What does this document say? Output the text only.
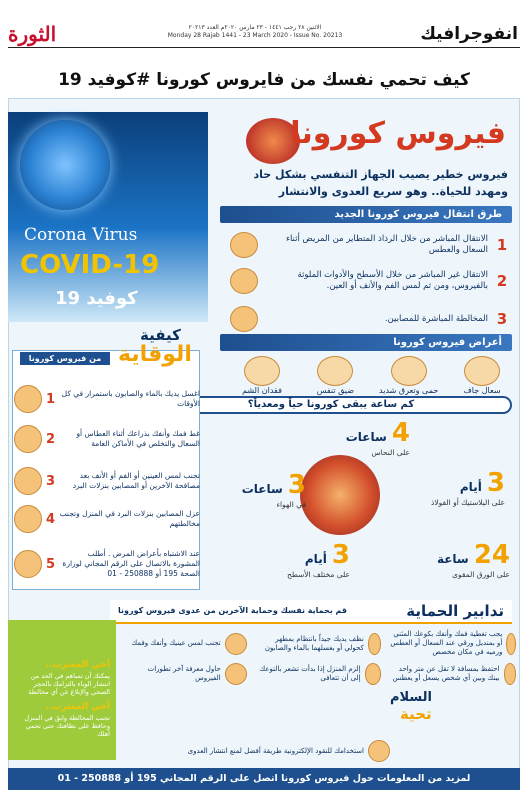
الثورة	الاثنين ٢٨ رجب ١٤٤١ - ٢٣ مارس ٢٠٢٠م العدد ٢٠٢١٣
Monday 28 Rajab 1441 - 23 March 2020 - Issue No. 20213	انفوجرافيك
كيف تحمي نفسك من فايروس كورونا #كوفيد 19
Corona Virus
COVID-19
كوفيد 19
فيروس كورونا
فيروس خطير يصيب الجهاز التنفسي بشكل حاد ومهدد للحياة.. وهو سريع العدوى والانتشار
طرق انتقال فيروس كورونا الجديد
1
الانتقال المباشر من خلال الرذاذ المتطاير من المريض أثناء السعال والعطس
2
الانتقال غير المباشر من خلال الأسطح والأدوات الملوثة بالفيروس، ومن ثم لمس الفم والأنف أو العين.
3
المخالطة المباشرة للمصابين.
أعراض فيروس كورونا
سعال جاف
حمى وتعرق شديد
ضيق تنفس
فقدان الشم
كم ساعة يبقى كورونا حياً ومعدياً؟
4 ساعات
على النحاس
3 ساعات
في الهواء
3 أيام
على البلاستيك أو الفولاذ
3 أيام
على مختلف الأسطح
24 ساعة
على الورق المقوى
كيفية
الوقاية
من فيروس كورونا
اغسل يديك بالماء والصابون باستمرار في كل الأوقات
1
غط فمك وأنفك بذراعك أثناء العطاس أو السعال والتخلص في الأماكن العامة
2
تجنب لمس العينين أو الفم أو الأنف بعد مصافحة الآخرين أو المصابين بنزلات البرد
3
عزل المصابين بنزلات البرد في المنزل وتجنب مخالطتهم
4
عند الاشتباه بأعراض المرض . أطلب المشورة بالاتصال على الرقم المجاني لوزارة الصحة 195 أو 250888 - 01
5
تدابير الحماية
قم بحماية نفسك وحماية الآخرين من عدوى فيروس كورونا
أخي المغترب..
يمكنك أن تساهم في الحد من انتشار الوباء بالتزامك بالحجر الصحي والإبلاغ عن أي مخالطة
أخي المغترب..
تجنب المخالطة وابقَ في المنزل وحافظ على نظافتك حتى تحمي أهلك
يجب تغطية فمك وأنفك بكوعك المثني أو بمنديل ورقي عند السعال أو العطس ورميه في مكان مخصص
نظف يديك جيداً بانتظام بمطهر كحولي أو بغسلهما بالماء والصابون
تجنب لمس عينيك وأنفك وفمك
احتفظ بمسافة لا تقل عن متر واحد بينك وبين أي شخص يسعل أو يعطس
إلزم المنزل إذا بدأت تشعر بالتوعك إلى أن تتعافى
حاول معرفة آخر تطورات الفيروس
استخدامك للنقود الإلكترونية طريقة أفضل لمنع انتشار العدوى
السلام
تحية
لمزيد من المعلومات حول فيروس كورونا اتصل على الرقم المجاني 195 أو 250888 - 01
